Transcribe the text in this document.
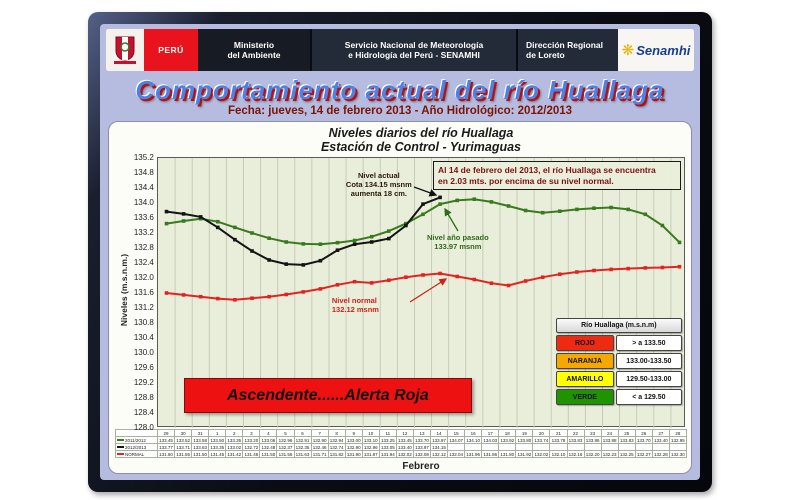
PERÚ	Ministerio
del Ambiente
Servicio Nacional de Meteorología
e Hidrología del Perú - SENAMHI
Dirección Regional
de Loreto	❋ Senamhi
Comportamiento actual del río Huallaga
Fecha: jueves, 14 de febrero 2013 - Año Hidrológico: 2012/2013
Niveles diarios del río Huallaga
Estación de Control - Yurimaguas
Niveles (m.s.n.m.)
135.2
134.8
134.4
134.0
133.6
133.2
132.8
132.4
132.0
131.6
131.2
130.8
130.4
130.0
129.6
129.2
128.8
128.4
128.0
Al 14 de febrero del 2013, el río Huallaga se encuentra
en 2.03 mts. por encima de su nivel normal.
Nivel actual
Cota 134.15 msnm
aumenta 18 cm.
Nivel año pasado
133.97 msnm
Nivel normal
132.12 msnm
Río Huallaga (m.s.n.m)
ROJO	> a 133.50
NARANJA	133.00-133.50
AMARILLO	129.50-133.00
VERDE	< a 129.50
Ascendente......Alerta Roja
	29	30	31	1	2	3	4	5	6	7	8	9	10	11	12	13	14	15	16	17	18	19	20	21	22	23	24	25	26	27	28
2011/2012	133.45	133.52	133.58	133.50	133.35	133.20	133.06	132.96	132.91	132.90	132.94	133.00	133.10	133.25	133.45	133.70	133.97	134.07	134.10	134.03	133.92	133.80	133.74	133.78	133.83	133.86	133.88	133.83	133.70	133.40	132.95
2012/2013	133.77	133.71	133.63	133.35	133.02	132.72	132.48	132.37	132.35	132.46	132.74	132.90	132.96	133.05	133.40	133.97	134.15														
NORMAL	131.60	131.55	131.50	131.45	131.42	131.46	131.50	131.56	131.63	131.71	131.82	131.90	131.87	131.94	132.02	132.08	132.12	132.04	131.96	131.86	131.80	131.92	132.02	132.10	132.16	132.20	132.23	132.25	132.27	132.28	132.30
Febrero
